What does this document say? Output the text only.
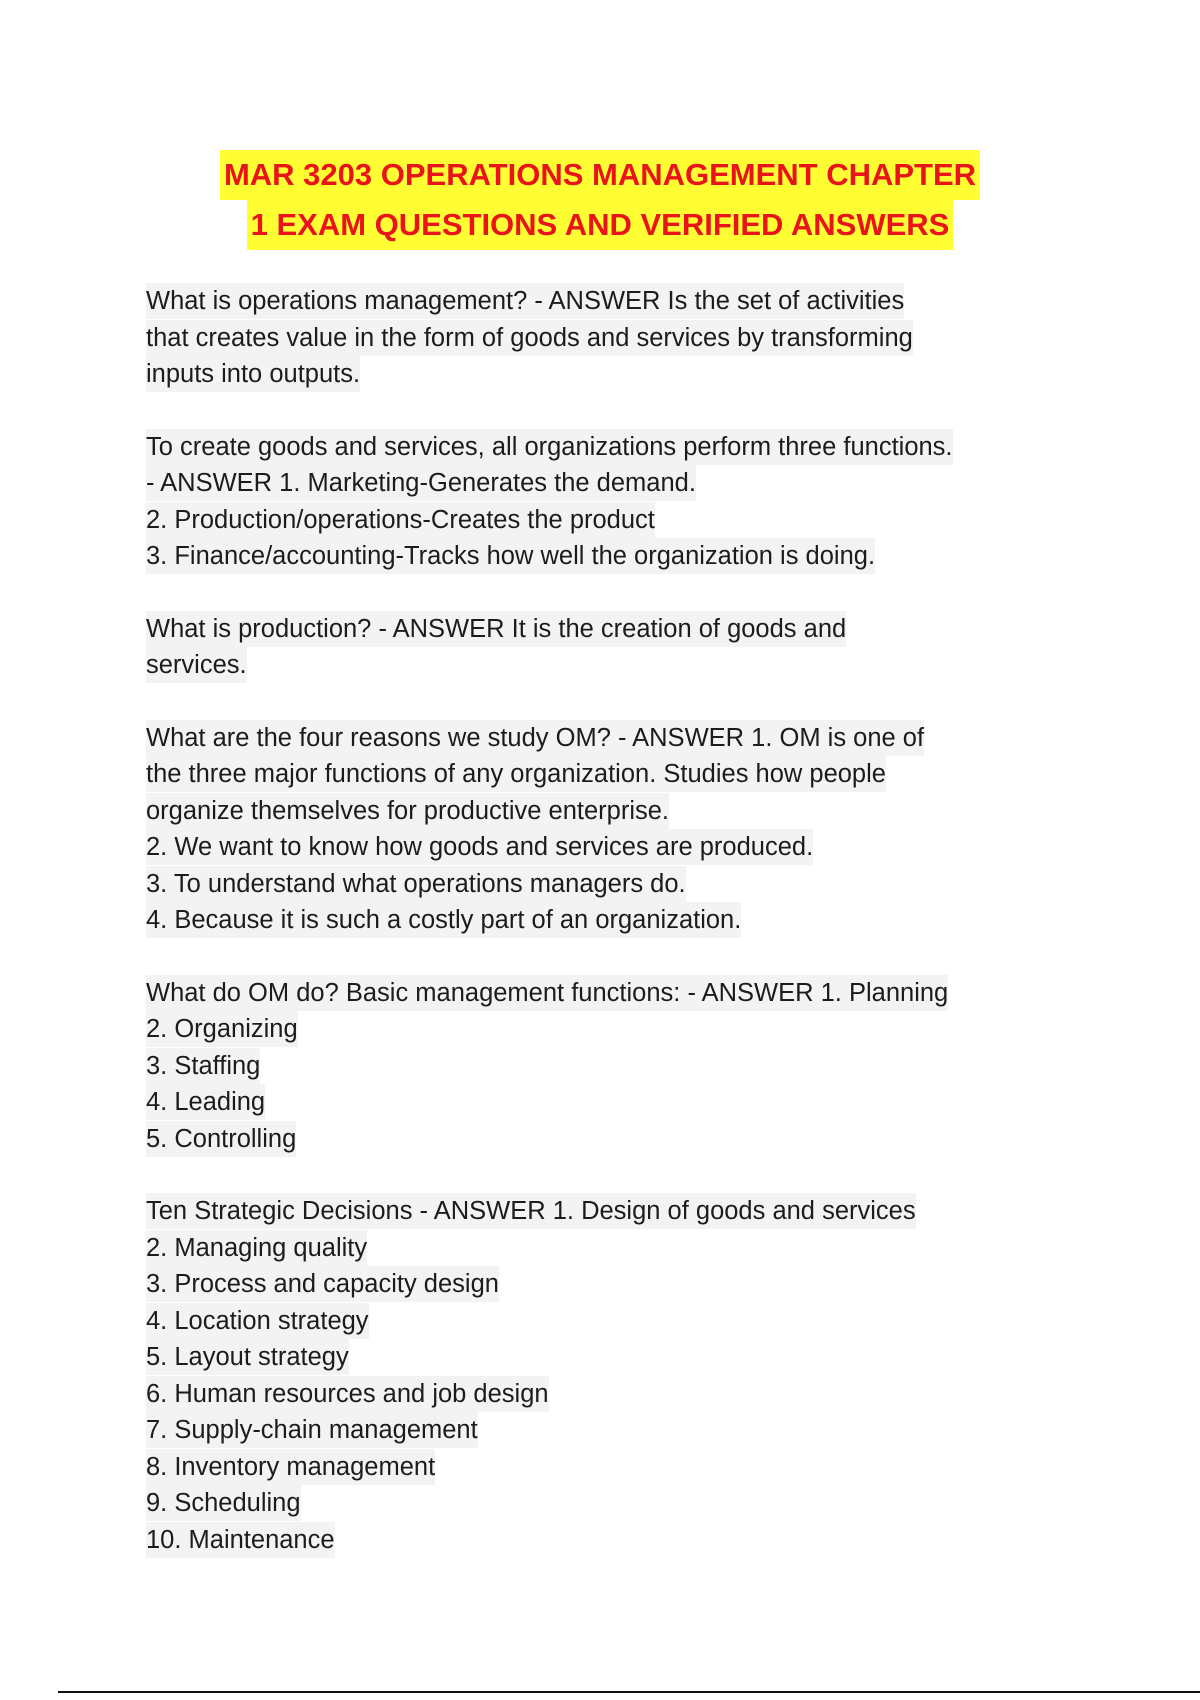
MAR 3203 OPERATIONS MANAGEMENT CHAPTER
1 EXAM QUESTIONS AND VERIFIED ANSWERS
What is operations management? - ANSWER Is the set of activities
that creates value in the form of goods and services by transforming
inputs into outputs.
To create goods and services, all organizations perform three functions.
- ANSWER 1. Marketing-Generates the demand.
2. Production/operations-Creates the product
3. Finance/accounting-Tracks how well the organization is doing.
What is production? - ANSWER It is the creation of goods and
services.
What are the four reasons we study OM? - ANSWER 1. OM is one of
the three major functions of any organization. Studies how people
organize themselves for productive enterprise.
2. We want to know how goods and services are produced.
3. To understand what operations managers do.
4. Because it is such a costly part of an organization.
What do OM do? Basic management functions: - ANSWER 1. Planning
2. Organizing
3. Staffing
4. Leading
5. Controlling
Ten Strategic Decisions - ANSWER 1. Design of goods and services
2. Managing quality
3. Process and capacity design
4. Location strategy
5. Layout strategy
6. Human resources and job design
7. Supply-chain management
8. Inventory management
9. Scheduling
10. Maintenance
